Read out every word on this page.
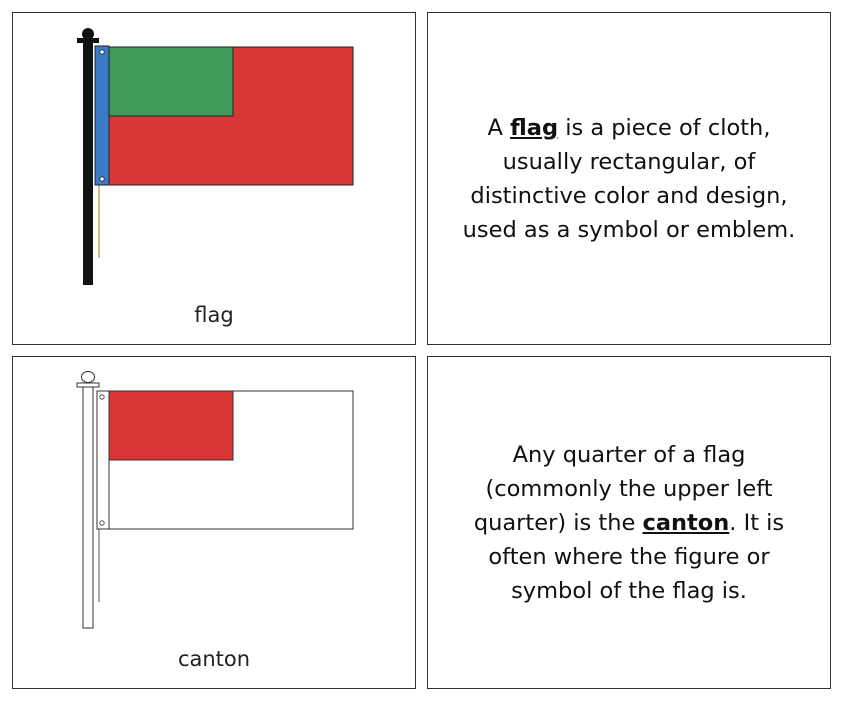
flag
A flag is a piece of cloth, usually rectangular, of distinctive color and design, used as a symbol or emblem.
canton
Any quarter of a flag (commonly the upper left quarter) is the canton. It is often where the figure or symbol of the flag is.
